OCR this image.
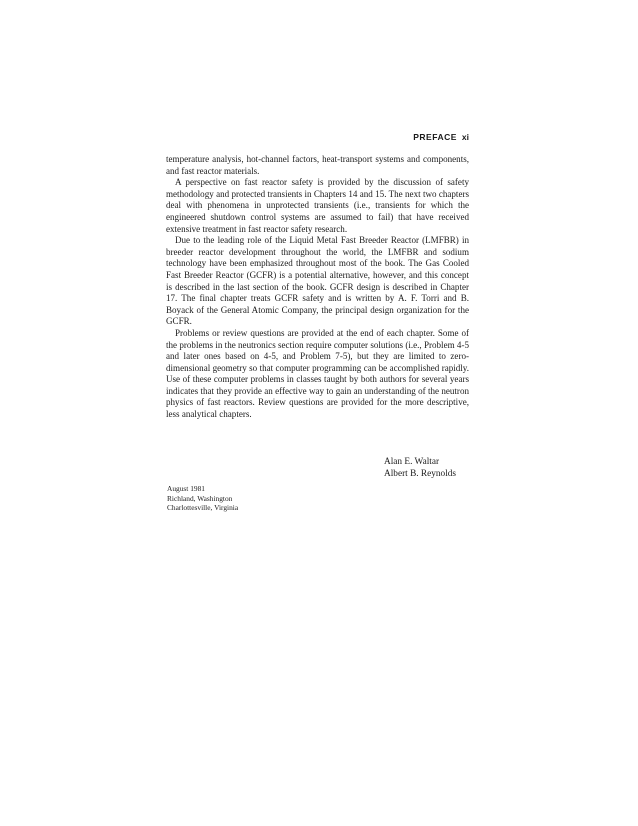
PREFACE xi

temperature analysis, hot-channel factors, heat-transport systems and components, and fast reactor materials.

A perspective on fast reactor safety is provided by the discussion of safety methodology and protected transients in Chapters 14 and 15. The next two chapters deal with phenomena in unprotected transients (i.e., transients for which the engineered shutdown control systems are assumed to fail) that have received extensive treatment in fast reactor safety research.

Due to the leading role of the Liquid Metal Fast Breeder Reactor (LMFBR) in breeder reactor development throughout the world, the LMFBR and sodium technology have been emphasized throughout most of the book. The Gas Cooled Fast Breeder Reactor (GCFR) is a potential alternative, however, and this concept is described in the last section of the book. GCFR design is described in Chapter 17. The final chapter treats GCFR safety and is written by A. F. Torri and B. Boyack of the General Atomic Company, the principal design organization for the GCFR.

Problems or review questions are provided at the end of each chapter. Some of the problems in the neutronics section require computer solutions (i.e., Problem 4-5 and later ones based on 4-5, and Problem 7-5), but they are limited to zero-dimensional geometry so that computer programming can be accomplished rapidly. Use of these computer problems in classes taught by both authors for several years indicates that they provide an effective way to gain an understanding of the neutron physics of fast reactors. Review questions are provided for the more descriptive, less analytical chapters.

Alan E. Waltar
Albert B. Reynolds
August 1981
Richland, Washington
Charlottesville, Virginia
